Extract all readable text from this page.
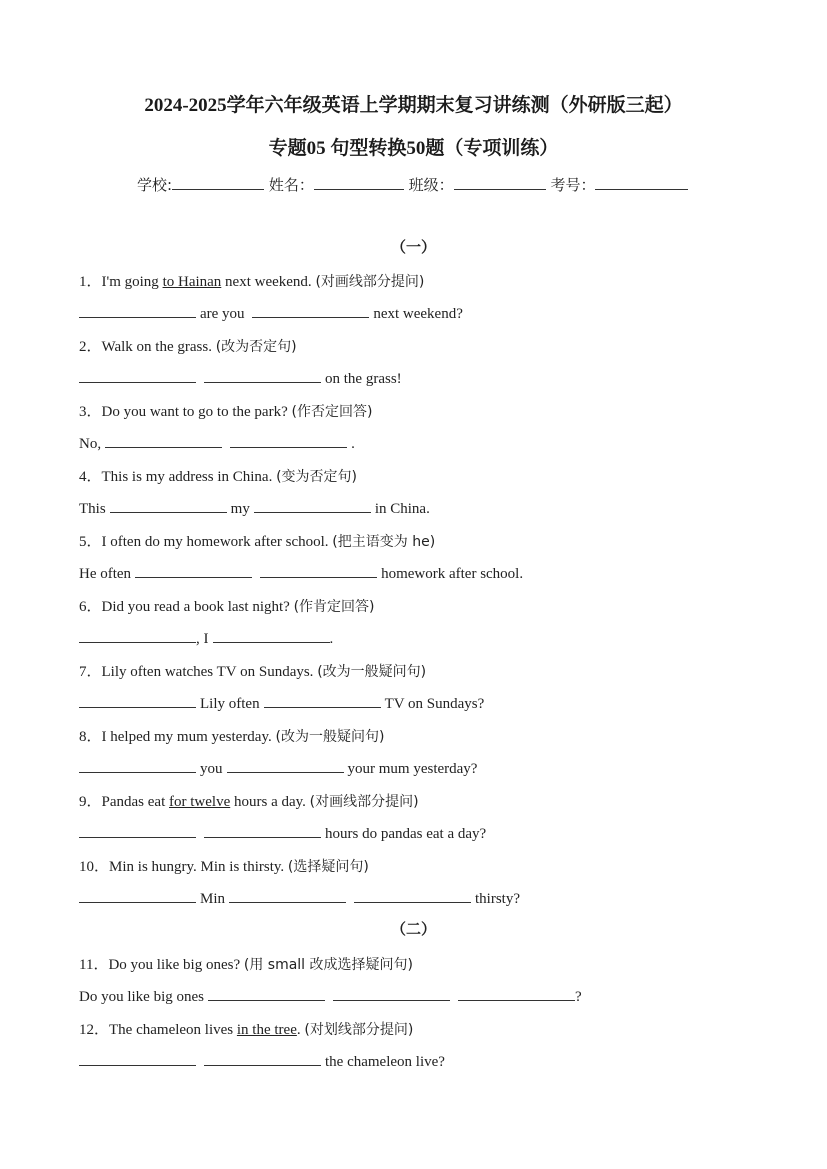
2024-2025学年六年级英语上学期期末复习讲练测（外研版三起）
专题05 句型转换50题（专项训练）
学校:	姓名：	班级：	考号：
（一）
1．I'm going to Hainan next weekend. (对画线部分提问)
are you	next weekend?
2．Walk on the grass. (改为否定句)
on the grass!
3．Do you want to go to the park? (作否定回答)
No,	.
4．This is my address in China. (变为否定句)
This	my	in China.
5．I often do my homework after school. (把主语变为 he)
He often	homework after school.
6．Did you read a book last night? (作肯定回答)
, I	.
7．Lily often watches TV on Sundays. (改为一般疑问句)
Lily often	TV on Sundays?
8．I helped my mum yesterday. (改为一般疑问句)
you	your mum yesterday?
9．Pandas eat for twelve hours a day. (对画线部分提问)
hours do pandas eat a day?
10．Min is hungry. Min is thirsty. (选择疑问句)
Min	thirsty?
（二）
11．Do you like big ones? (用 small 改成选择疑问句)
Do you like big ones	?
12．The chameleon lives in the tree. (对划线部分提问)
the chameleon live?
